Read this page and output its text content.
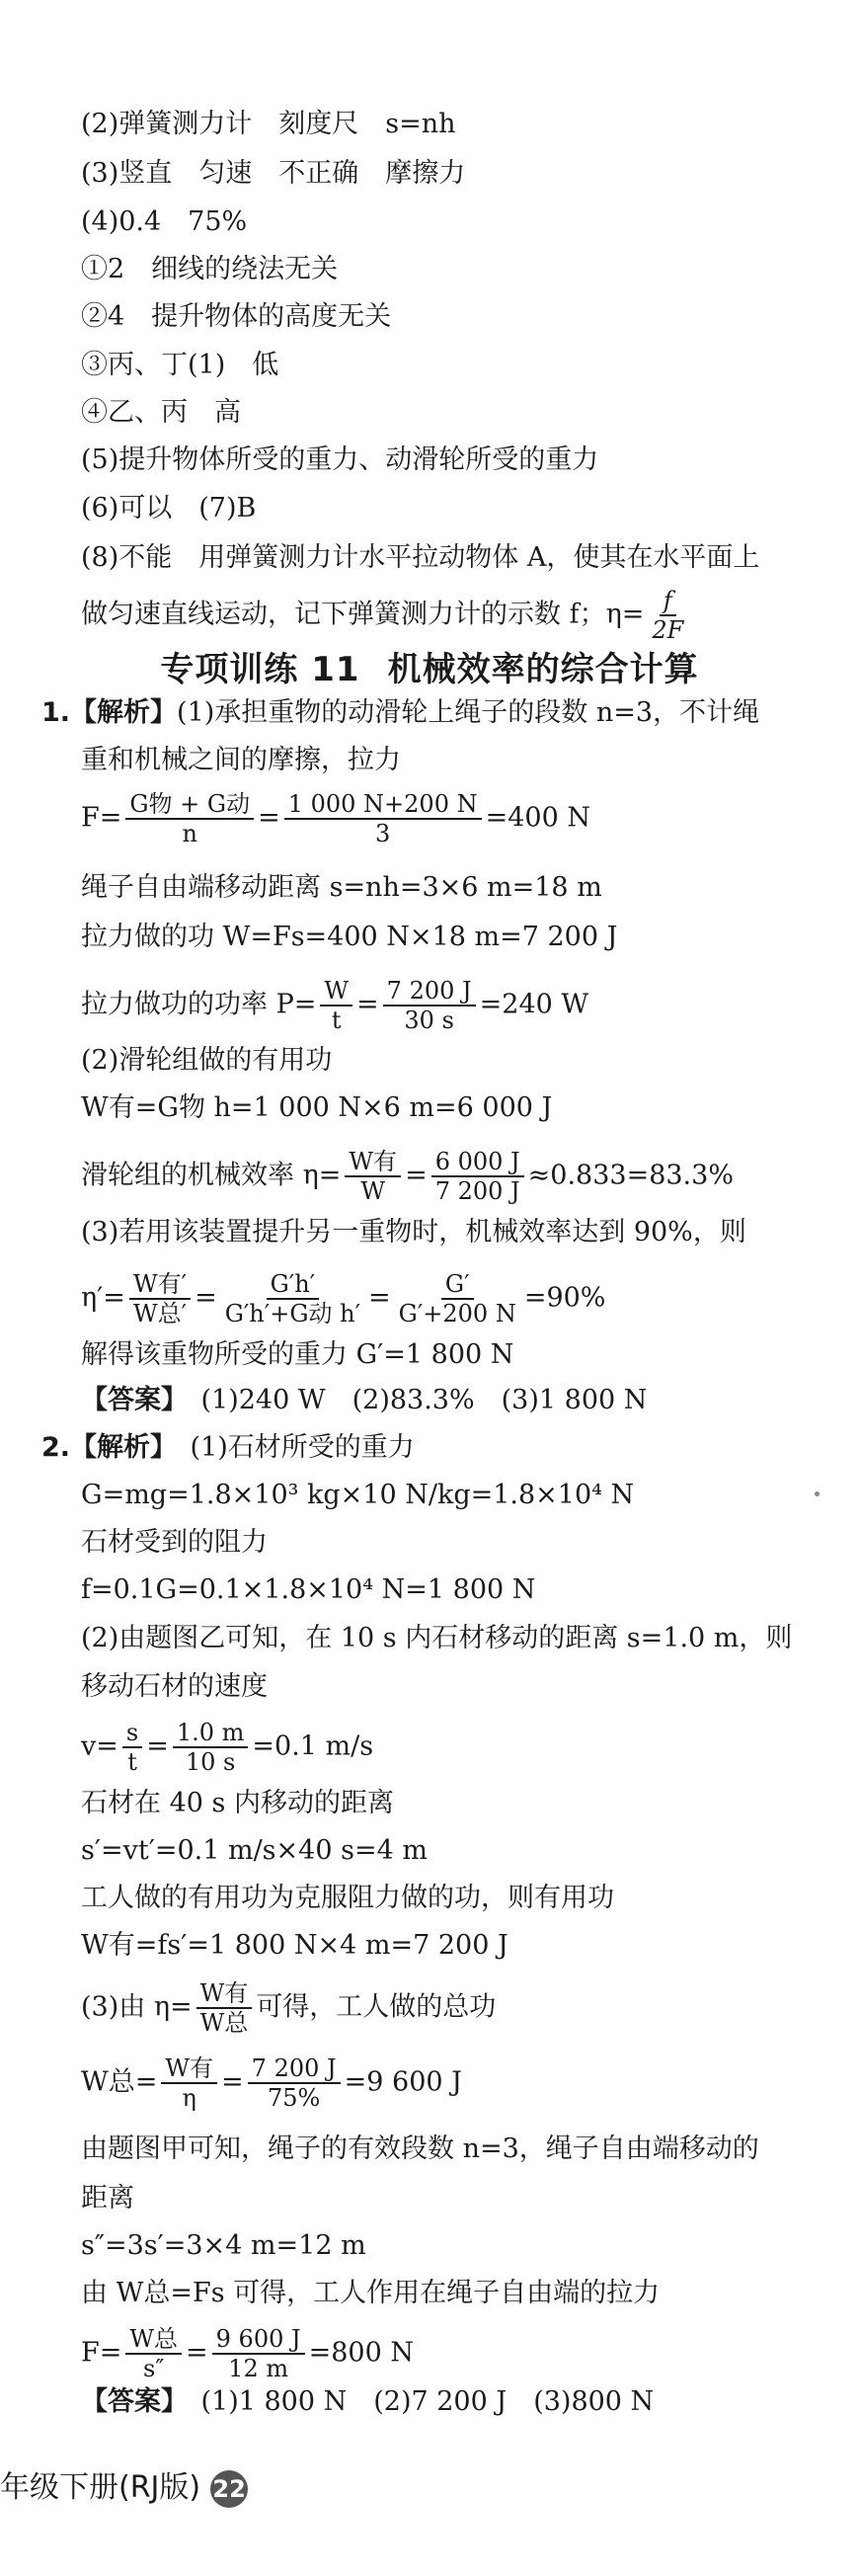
(2)弹簧测力计　刻度尺　s=nh
(3)竖直　匀速　不正确　摩擦力
(4)0.4　75%
①2　细线的绕法无关
②4　提升物体的高度无关
③丙、丁(1)　低
④乙、丙　高
(5)提升物体所受的重力、动滑轮所受的重力
(6)可以　(7)B
(8)不能　用弹簧测力计水平拉动物体 A，使其在水平面上
做匀速直线运动，记下弹簧测力计的示数 f；$\eta= \frac{f}{2F}$
专项训练 11 机械效率的综合计算
1.【解析】(1)承担重物的动滑轮上绳子的段数 n=3，不计绳
重和机械之间的摩擦，拉力
$F= \frac{\text{G物 + G动}}{n} = \frac{1 000 N+200 N}{3} =400$ N
绳子自由端移动距离 s=nh=3×6 m=18 m
拉力做的功 W=Fs=400 N×18 m=7 200 J
拉力做功的功率 $P= \frac{W}{t} = \frac{7 200 J}{30 s} =240$ W
(2)滑轮组做的有用功
W有=G物 h=1 000 N×6 m=6 000 J
滑轮组的机械效率 $\eta= \frac{\text{W有}}{W} = \frac{6 000 J}{7 200 J} \approx 0.833=83.3\%$
(3)若用该装置提升另一重物时，机械效率达到 90%，则
$\eta'= \frac{\text{W有′}}{\text{W总′}} = \frac{G'h'}{\text{G′h′+G动 h′}} = \frac{G'}{G'+200 N} =90\%$
解得该重物所受的重力 G′=1 800 N
【答案】　 (1)240 W　(2)83.3%　(3)1 800 N
2.【解析】　 (1)石材所受的重力
G=mg=1.8×10³ kg×10 N/kg=1.8×10⁴ N
石材受到的阻力
f=0.1G=0.1×1.8×10⁴ N=1 800 N
(2)由题图乙可知，在 10 s 内石材移动的距离 s=1.0 m，则
移动石材的速度
$v= \frac{s}{t} = \frac{1.0 m}{10 s} =0.1$ m/s
石材在 40 s 内移动的距离
s′=vt′=0.1 m/s×40 s=4 m
工人做的有用功为克服阻力做的功，则有用功
W有=fs′=1 800 N×4 m=7 200 J
(3)由 $\eta= \frac{\text{W有}}{\text{W总}}$ 可得，工人做的总功
W总= $\frac{\text{W有}}{\eta} = \frac{7 200 J}{75\%} =9$ 600 J
由题图甲可知，绳子的有效段数 n=3，绳子自由端移动的
距离
s″=3s′=3×4 m=12 m
由 W总=Fs 可得，工人作用在绳子自由端的拉力
$F= \frac{\text{W总}}{s''} = \frac{9 600 J}{12 m} =800$ N
【答案】　 (1)1 800 N　(2)7 200 J　(3)800 N
年级下册(RJ版) 22
